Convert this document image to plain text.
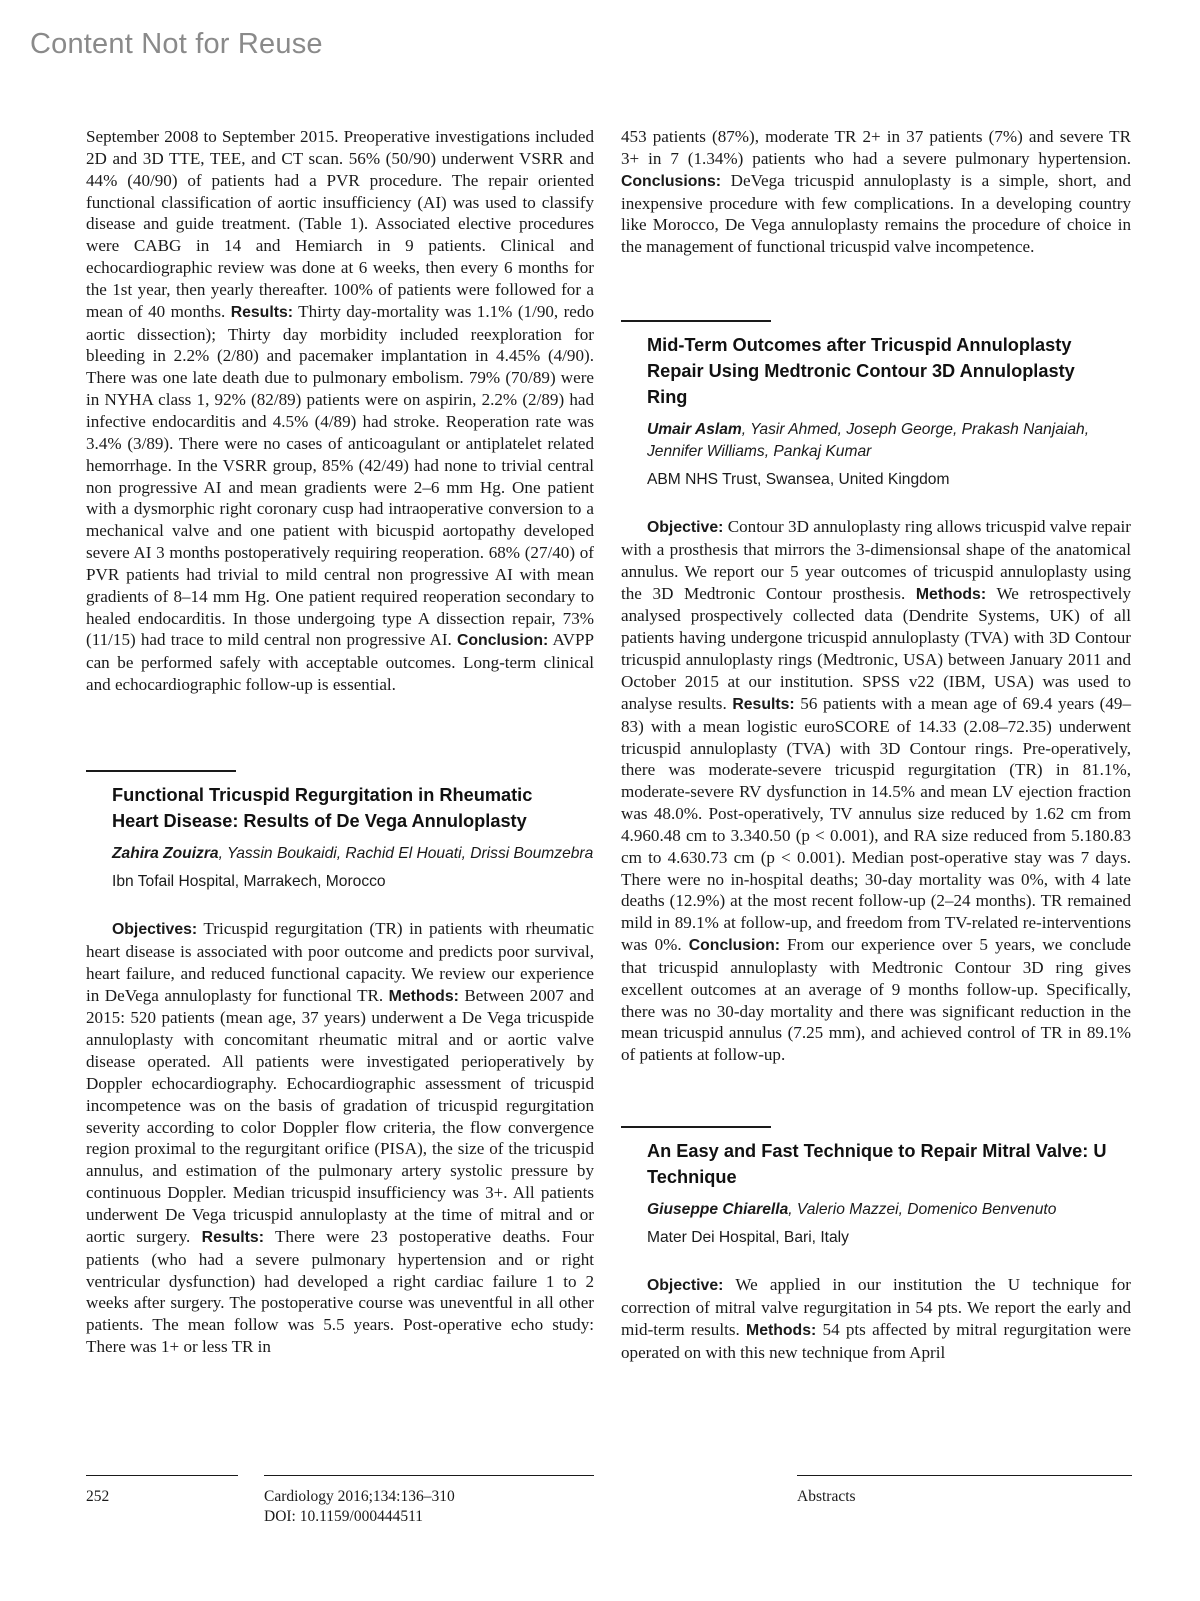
Content Not for Reuse

September 2008 to September 2015. Preoperative investigations included 2D and 3D TTE, TEE, and CT scan. 56% (50/90) underwent VSRR and 44% (40/90) of patients had a PVR procedure. The repair oriented functional classification of aortic insufficiency (AI) was used to classify disease and guide treatment. (Table 1). Associated elective procedures were CABG in 14 and Hemiarch in 9 patients. Clinical and echocardiographic review was done at 6 weeks, then every 6 months for the 1st year, then yearly thereafter. 100% of patients were followed for a mean of 40 months. Results: Thirty day-mortality was 1.1% (1/90, redo aortic dissection); Thirty day morbidity included reexploration for bleeding in 2.2% (2/80) and pacemaker implantation in 4.45% (4/90). There was one late death due to pulmonary embolism. 79% (70/89) were in NYHA class 1, 92% (82/89) patients were on aspirin, 2.2% (2/89) had infective endocarditis and 4.5% (4/89) had stroke. Reoperation rate was 3.4% (3/89). There were no cases of anticoagulant or antiplatelet related hemorrhage. In the VSRR group, 85% (42/49) had none to trivial central non progressive AI and mean gradients were 2–6 mm Hg. One patient with a dysmorphic right coronary cusp had intraoperative conversion to a mechanical valve and one patient with bicuspid aortopathy developed severe AI 3 months postoperatively requiring reoperation. 68% (27/40) of PVR patients had trivial to mild central non progressive AI with mean gradients of 8–14 mm Hg. One patient required reoperation secondary to healed endocarditis. In those undergoing type A dissection repair, 73% (11/15) had trace to mild central non progressive AI. Conclusion: AVPP can be performed safely with acceptable outcomes. Long-term clinical and echocardiographic follow-up is essential.

Functional Tricuspid Regurgitation in Rheumatic Heart Disease: Results of De Vega Annuloplasty

Zahira Zouizra, Yassin Boukaidi, Rachid El Houati, Drissi Boumzebra

Ibn Tofail Hospital, Marrakech, Morocco

Objectives: Tricuspid regurgitation (TR) in patients with rheumatic heart disease is associated with poor outcome and predicts poor survival, heart failure, and reduced functional capacity. We review our experience in DeVega annuloplasty for functional TR. Methods: Between 2007 and 2015: 520 patients (mean age, 37 years) underwent a De Vega tricuspide annuloplasty with concomitant rheumatic mitral and or aortic valve disease operated. All patients were investigated perioperatively by Doppler echocardiography. Echocardiographic assessment of tricuspid incompetence was on the basis of gradation of tricuspid regurgitation severity according to color Doppler flow criteria, the flow convergence region proximal to the regurgitant orifice (PISA), the size of the tricuspid annulus, and estimation of the pulmonary artery systolic pressure by continuous Doppler. Median tricuspid insufficiency was 3+. All patients underwent De Vega tricuspid annuloplasty at the time of mitral and or aortic surgery. Results: There were 23 postoperative deaths. Four patients (who had a severe pulmonary hypertension and or right ventricular dysfunction) had developed a right cardiac failure 1 to 2 weeks after surgery. The postoperative course was uneventful in all other patients. The mean follow was 5.5 years. Post-operative echo study: There was 1+ or less TR in

453 patients (87%), moderate TR 2+ in 37 patients (7%) and severe TR 3+ in 7 (1.34%) patients who had a severe pulmonary hypertension. Conclusions: DeVega tricuspid annuloplasty is a simple, short, and inexpensive procedure with few complications. In a developing country like Morocco, De Vega annuloplasty remains the procedure of choice in the management of functional tricuspid valve incompetence.

Mid-Term Outcomes after Tricuspid Annuloplasty Repair Using Medtronic Contour 3D Annuloplasty Ring

Umair Aslam, Yasir Ahmed, Joseph George, Prakash Nanjaiah, Jennifer Williams, Pankaj Kumar

ABM NHS Trust, Swansea, United Kingdom

Objective: Contour 3D annuloplasty ring allows tricuspid valve repair with a prosthesis that mirrors the 3-dimensionsal shape of the anatomical annulus. We report our 5 year outcomes of tricuspid annuloplasty using the 3D Medtronic Contour prosthesis. Methods: We retrospectively analysed prospectively collected data (Dendrite Systems, UK) of all patients having undergone tricuspid annuloplasty (TVA) with 3D Contour tricuspid annuloplasty rings (Medtronic, USA) between January 2011 and October 2015 at our institution. SPSS v22 (IBM, USA) was used to analyse results. Results: 56 patients with a mean age of 69.4 years (49–83) with a mean logistic euroSCORE of 14.33 (2.08–72.35) underwent tricuspid annuloplasty (TVA) with 3D Contour rings. Pre-operatively, there was moderate-severe tricuspid regurgitation (TR) in 81.1%, moderate-severe RV dysfunction in 14.5% and mean LV ejection fraction was 48.0%. Post-operatively, TV annulus size reduced by 1.62 cm from 4.960.48 cm to 3.340.50 (p < 0.001), and RA size reduced from 5.180.83 cm to 4.630.73 cm (p < 0.001). Median post-operative stay was 7 days. There were no in-hospital deaths; 30-day mortality was 0%, with 4 late deaths (12.9%) at the most recent follow-up (2–24 months). TR remained mild in 89.1% at follow-up, and freedom from TV-related re-interventions was 0%. Conclusion: From our experience over 5 years, we conclude that tricuspid annuloplasty with Medtronic Contour 3D ring gives excellent outcomes at an average of 9 months follow-up. Specifically, there was no 30-day mortality and there was significant reduction in the mean tricuspid annulus (7.25 mm), and achieved control of TR in 89.1% of patients at follow-up.

An Easy and Fast Technique to Repair Mitral Valve: U Technique

Giuseppe Chiarella, Valerio Mazzei, Domenico Benvenuto

Mater Dei Hospital, Bari, Italy

Objective: We applied in our institution the U technique for correction of mitral valve regurgitation in 54 pts. We report the early and mid-term results. Methods: 54 pts affected by mitral regurgitation were operated on with this new technique from April

252	Cardiology 2016;134:136–310
DOI: 10.1159/000444511
Abstracts
